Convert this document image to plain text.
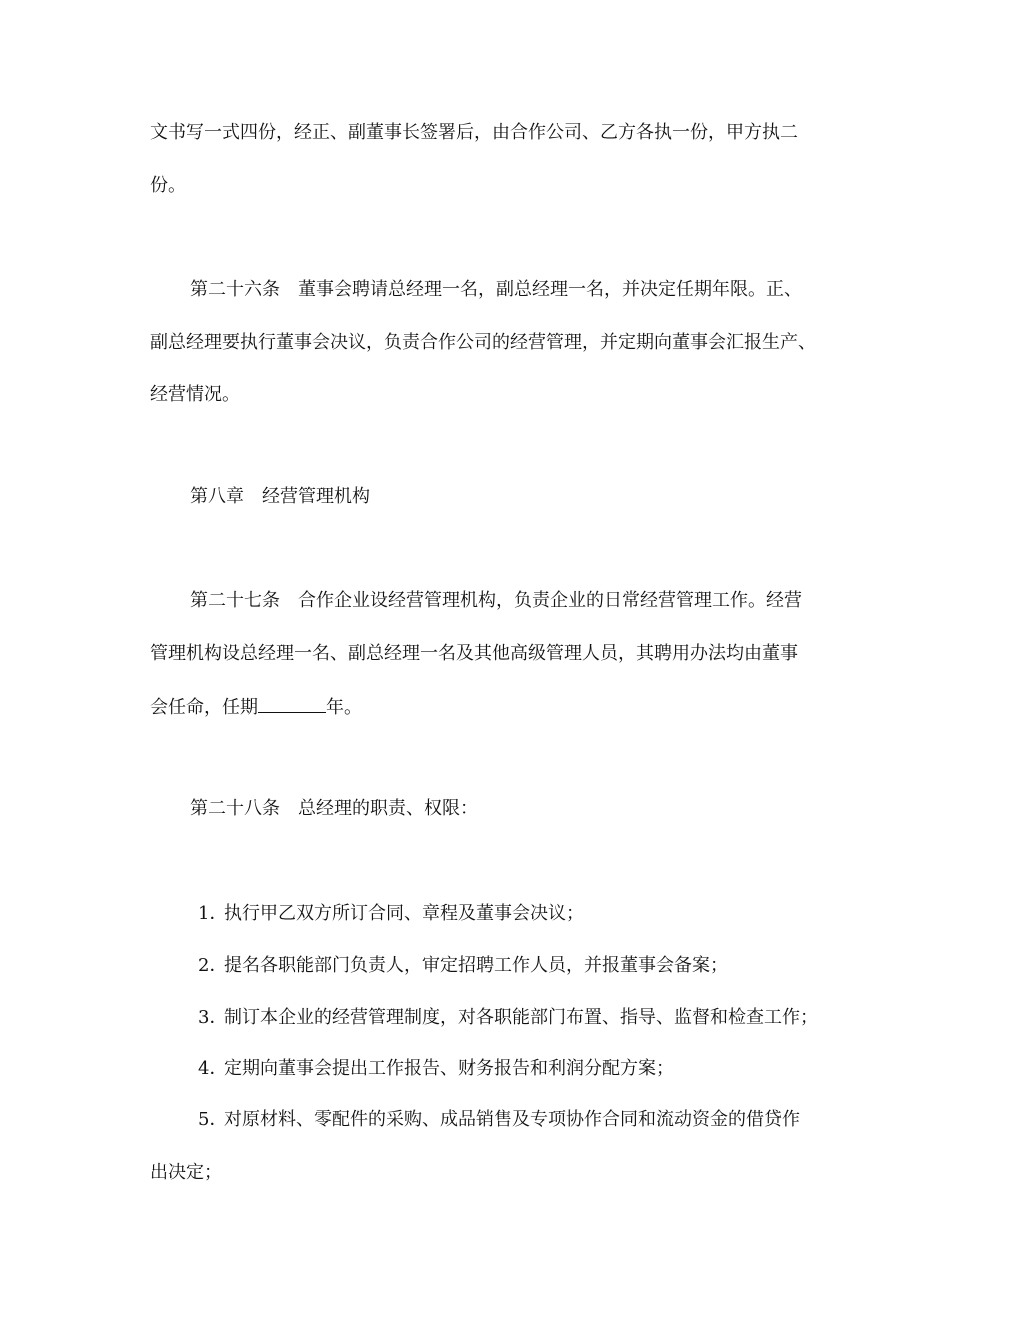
文书写一式四份，经正、副董事长签署后，由合作公司、乙方各执一份，甲方执二
份。
第二十六条 董事会聘请总经理一名，副总经理一名，并决定任期年限。正、
副总经理要执行董事会决议，负责合作公司的经营管理，并定期向董事会汇报生产、
经营情况。
第八章 经营管理机构
第二十七条 合作企业设经营管理机构，负责企业的日常经营管理工作。经营
管理机构设总经理一名、副总经理一名及其他高级管理人员，其聘用办法均由董事
会任命，任期	年。
第二十八条 总经理的职责、权限：
1．执行甲乙双方所订合同、章程及董事会决议；
2．提名各职能部门负责人，审定招聘工作人员，并报董事会备案；
3．制订本企业的经营管理制度，对各职能部门布置、指导、监督和检查工作；
4．定期向董事会提出工作报告、财务报告和利润分配方案；
5．对原材料、零配件的采购、成品销售及专项协作合同和流动资金的借贷作
出决定；
